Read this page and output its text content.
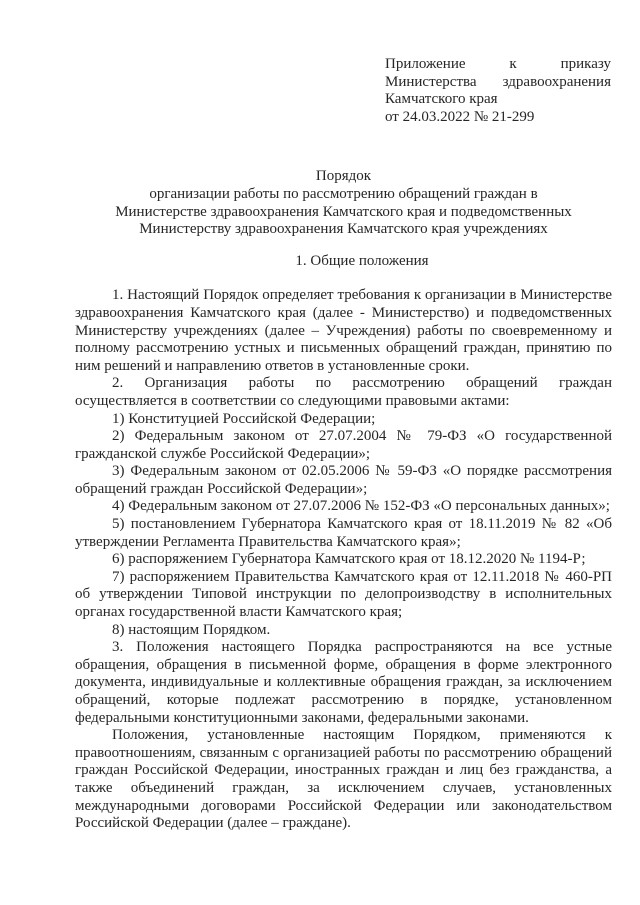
Приложение к приказу Министерства здравоохранения Камчатского края

от 24.03.2022 № 21-299

Порядок
организации работы по рассмотрению обращений граждан в
Министерстве здравоохранения Камчатского края и подведомственных
Министерству здравоохранения Камчатского края учреждениях
1. Общие положения

1. Настоящий Порядок определяет требования к организации в Министерстве здравоохранения Камчатского края (далее - Министерство) и подведомственных Министерству учреждениях (далее – Учреждения) работы по своевременному и полному рассмотрению устных и письменных обращений граждан, принятию по ним решений и направлению ответов в установленные сроки.

2. Организация работы по рассмотрению обращений граждан осуществляется в соответствии со следующими правовыми актами:

1) Конституцией Российской Федерации;

2) Федеральным законом от 27.07.2004 № 79-ФЗ «О государственной гражданской службе Российской Федерации»;

3) Федеральным законом от 02.05.2006 № 59-ФЗ «О порядке рассмотрения обращений граждан Российской Федерации»;

4) Федеральным законом от 27.07.2006 № 152-ФЗ «О персональных данных»;

5) постановлением Губернатора Камчатского края от 18.11.2019 № 82 «Об утверждении Регламента Правительства Камчатского края»;

6) распоряжением Губернатора Камчатского края от 18.12.2020 № 1194-Р;

7) распоряжением Правительства Камчатского края от 12.11.2018 № 460-РП об утверждении Типовой инструкции по делопроизводству в исполнительных органах государственной власти Камчатского края;

8) настоящим Порядком.

3. Положения настоящего Порядка распространяются на все устные обращения, обращения в письменной форме, обращения в форме электронного документа, индивидуальные и коллективные обращения граждан, за исключением обращений, которые подлежат рассмотрению в порядке, установленном федеральными конституционными законами, федеральными законами.

Положения, установленные настоящим Порядком, применяются к правоотношениям, связанным с организацией работы по рассмотрению обращений граждан Российской Федерации, иностранных граждан и лиц без гражданства, а также объединений граждан, за исключением случаев, установленных международными договорами Российской Федерации или законодательством Российской Федерации (далее – граждане).
